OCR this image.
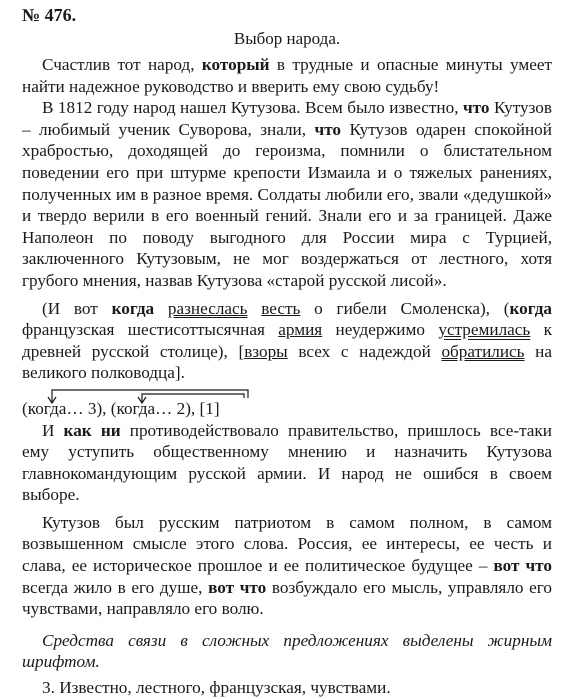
№ 476.
Выбор народа.

Счастлив тот народ, который в трудные и опасные минуты умеет найти надежное руководство и вверить ему свою судьбу!

В 1812 году народ нашел Кутузова. Всем было известно, что Кутузов – любимый ученик Суворова, знали, что Кутузов одарен спокойной храбростью, доходящей до героизма, помнили о блистательном поведении его при штурме крепости Измаила и о тяжелых ранениях, полученных им в разное время. Солдаты любили его, звали «дедушкой» и твердо верили в его военный гений. Знали его и за границей. Даже Наполеон по поводу выгодного для России мира с Турцией, заключенного Кутузовым, не мог воздержаться от лестного, хотя грубого мнения, назвав Кутузова «старой русской лисой».

(И вот когда разнеслась весть о гибели Смоленска), (когда французская шестисоттысячная армия неудержимо устремилась к древней русской столице), [взоры всех с надеждой обратились на великого полководца].

(когда… 3), (когда… 2), [1]

И как ни противодействовало правительство, пришлось все-таки ему уступить общественному мнению и назначить Кутузова главнокомандующим русской армии. И народ не ошибся в своем выборе.

Кутузов был русским патриотом в самом полном, в самом возвышенном смысле этого слова. Россия, ее интересы, ее честь и слава, ее историческое прошлое и ее политическое будущее – вот что всегда жило в его душе, вот что возбуждало его мысль, управляло его чувствами, направляло его волю.

Средства связи в сложных предложениях выделены жирным шрифтом.

3. Известно, лестного, французская, чувствами.
